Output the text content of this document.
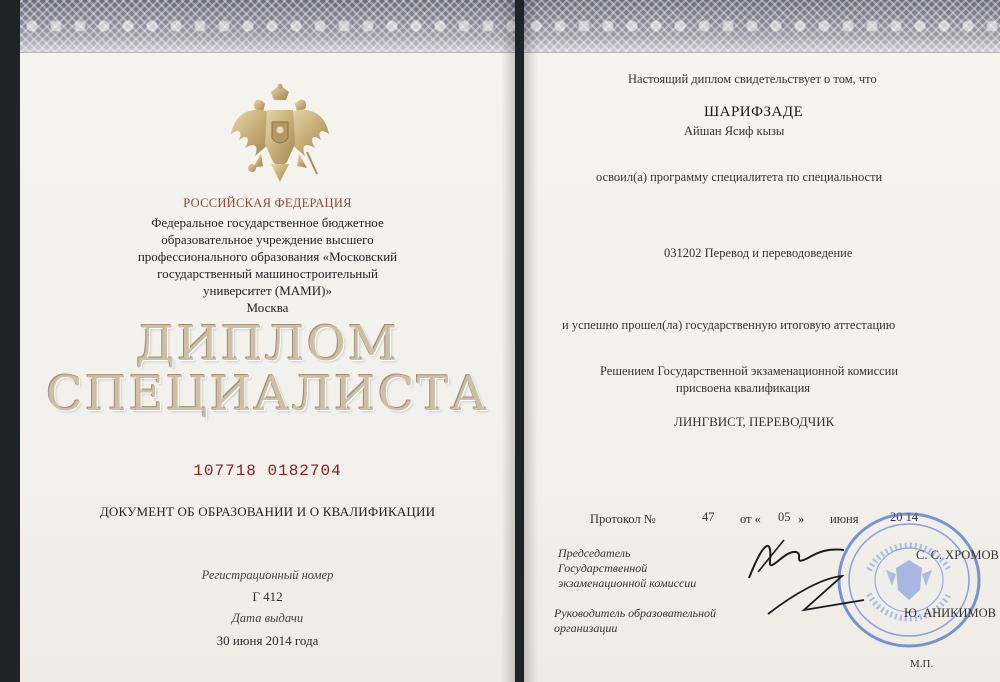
РОССИЙСКАЯ ФЕДЕРАЦИЯ
Федеральное государственное бюджетное
образовательное учреждение высшего
профессионального образования «Московский
государственный машиностроительный
университет (МАМИ)»
Москва
ДИПЛОМ
СПЕЦИАЛИСТА
107718 0182704
ДОКУМЕНТ ОБ ОБРАЗОВАНИИ И О КВАЛИФИКАЦИИ
Регистрационный номер
Г 412
Дата выдачи
30 июня 2014 года
Настоящий диплом свидетельствует о том, что
ШАРИФЗАДЕ
Айшан Ясиф кызы
освоил(а) программу специалитета по специальности
031202 Перевод и переводоведение
и успешно прошел(ла) государственную итоговую аттестацию
Решением Государственной экзаменационной комиссии
присвоена квалификация
ЛИНГВИСТ, ПЕРЕВОДЧИК
Протокол №	47 от « 05 » июня	20 14
Председатель
Государственной
экзаменационной комиссии
Руководитель образовательной
организации
С. С. ХРОМОВ
Ю. АНИКИМОВ
М.П.
